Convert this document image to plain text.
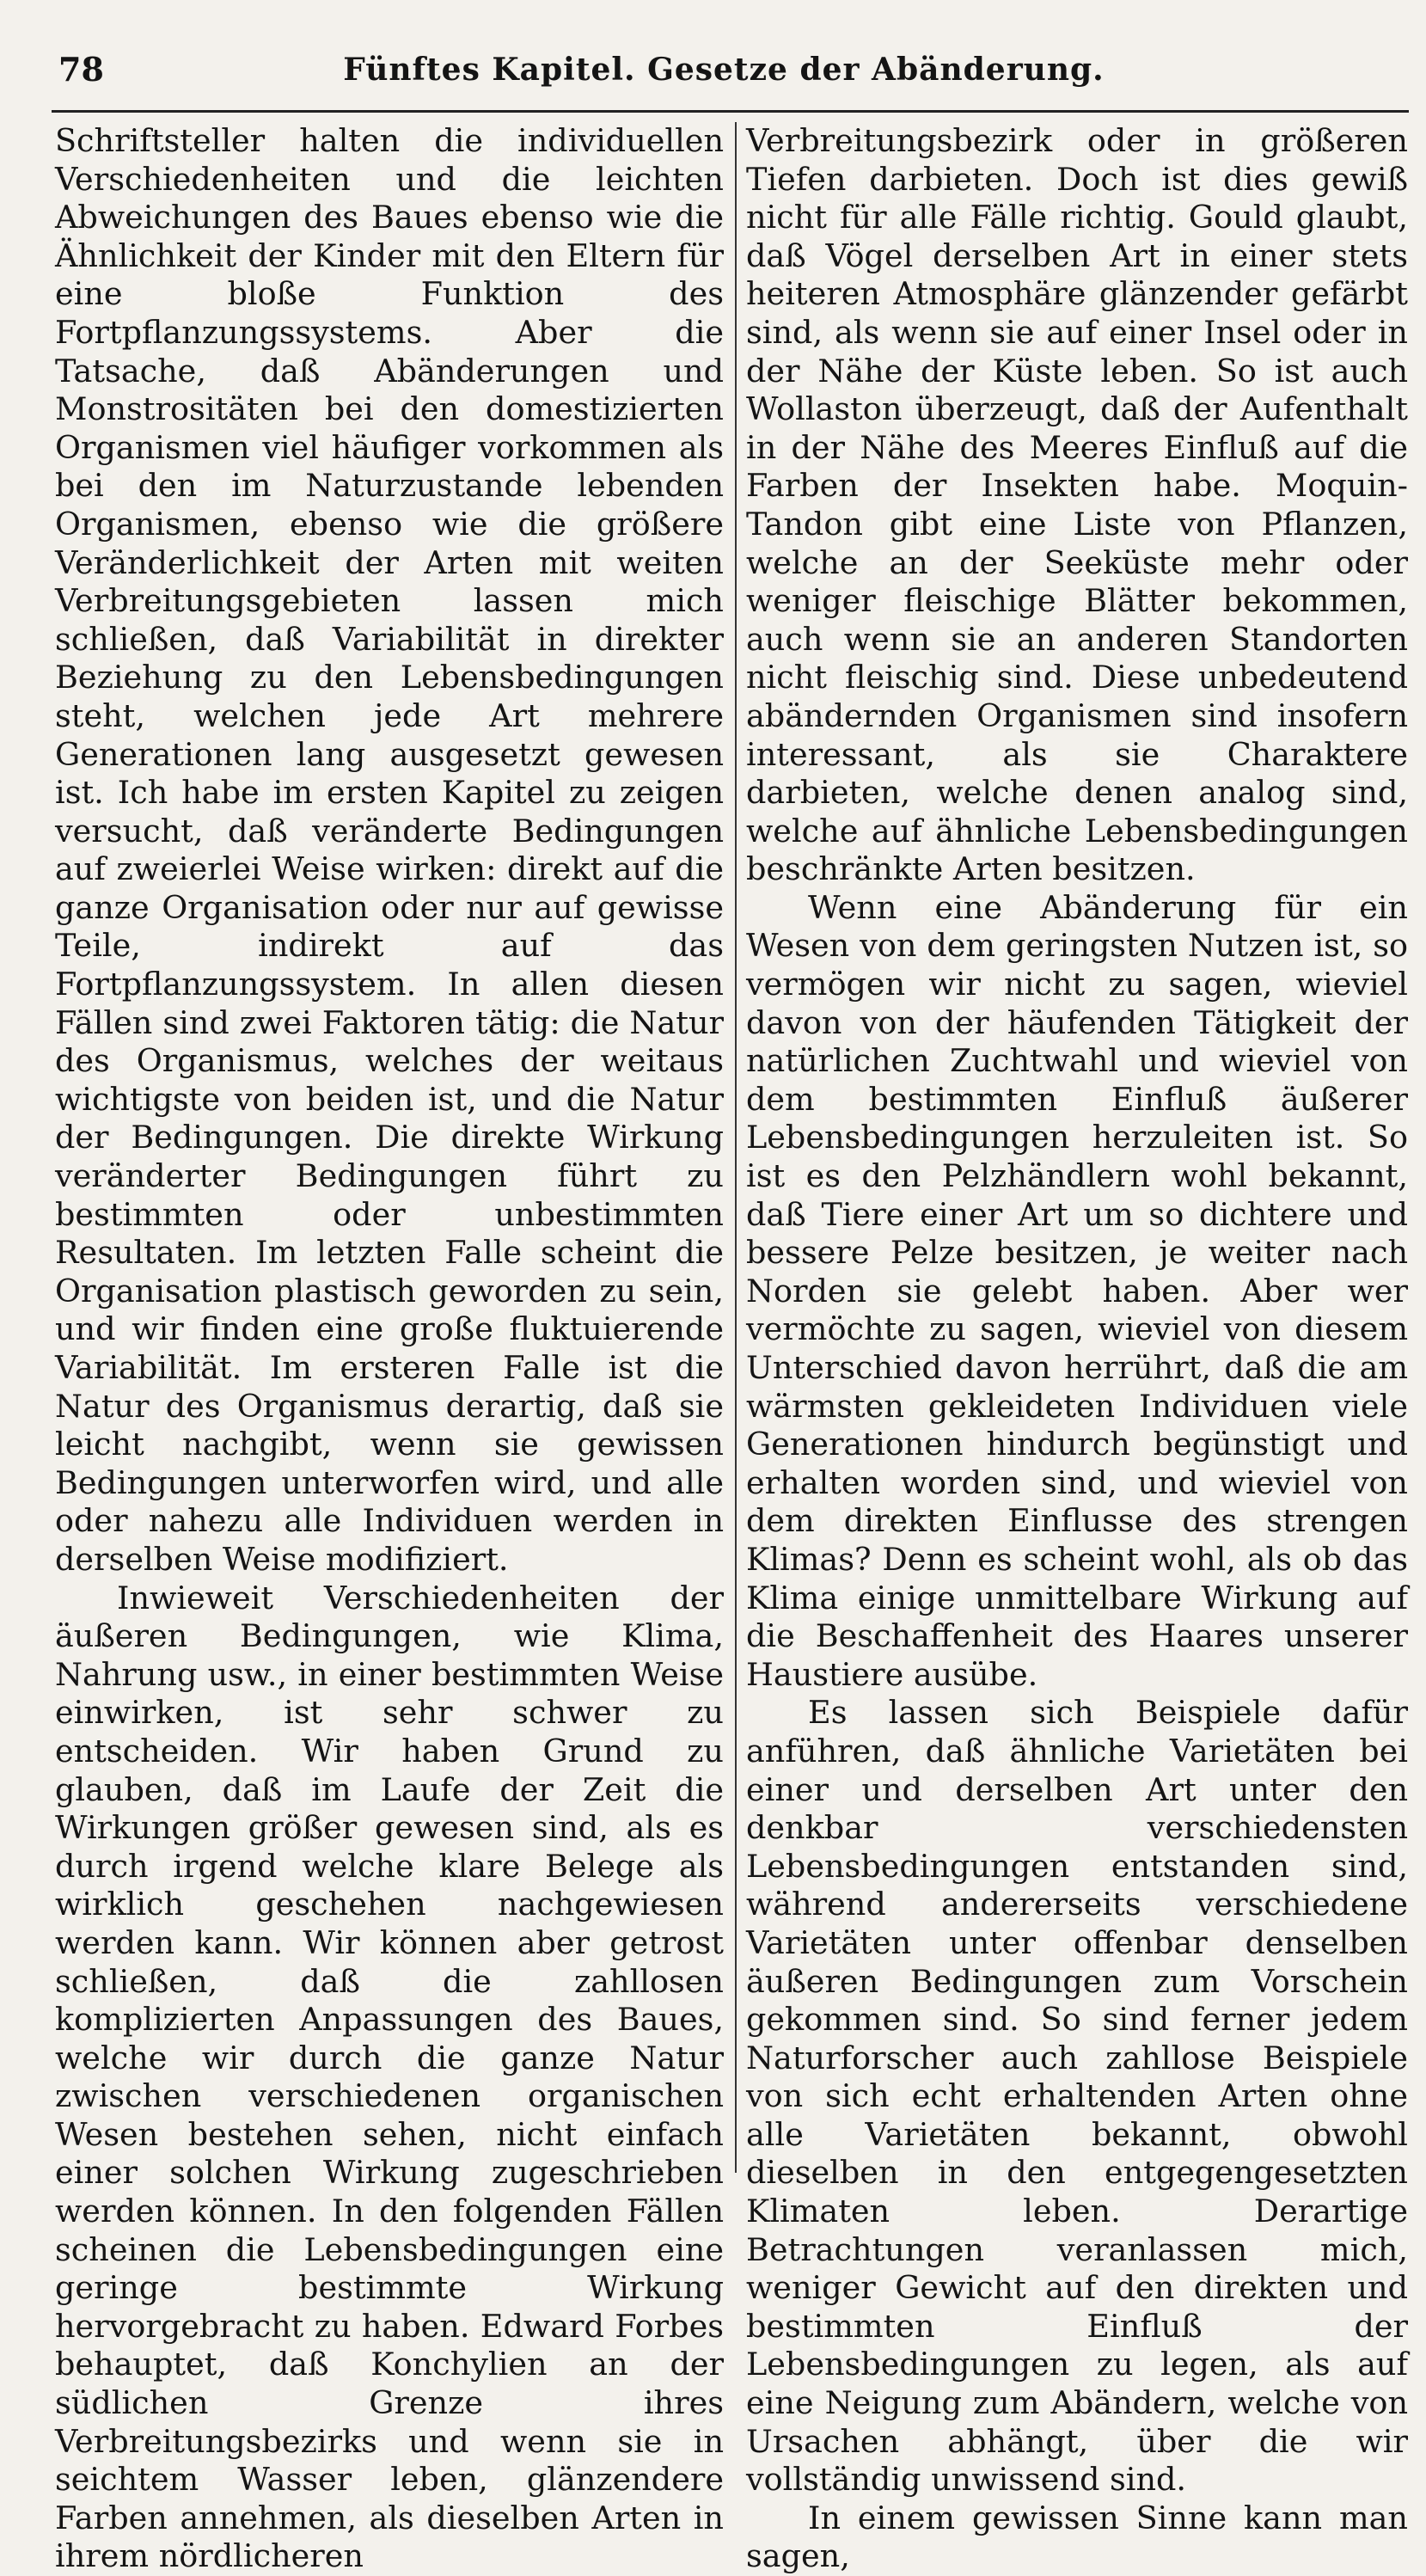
78	Fünftes Kapitel. Gesetze der Abänderung.

Schriftsteller halten die individuellen Verschiedenheiten und die leichten Abweichungen des Baues ebenso wie die Ähnlichkeit der Kinder mit den Eltern für eine bloße Funktion des Fortpflanzungssystems. Aber die Tatsache, daß Abänderungen und Monstrositäten bei den domestizierten Organismen viel häufiger vorkommen als bei den im Naturzustande lebenden Organismen, ebenso wie die größere Veränderlichkeit der Arten mit weiten Verbreitungsgebieten lassen mich schließen, daß Variabilität in direkter Beziehung zu den Lebensbedingungen steht, welchen jede Art mehrere Generationen lang ausgesetzt gewesen ist. Ich habe im ersten Kapitel zu zeigen versucht, daß veränderte Bedingungen auf zweierlei Weise wirken: direkt auf die ganze Organisation oder nur auf gewisse Teile, indirekt auf das Fortpflanzungssystem. In allen diesen Fällen sind zwei Faktoren tätig: die Natur des Organismus, welches der weitaus wichtigste von beiden ist, und die Natur der Bedingungen. Die direkte Wirkung veränderter Bedingungen führt zu bestimmten oder unbestimmten Resultaten. Im letzten Falle scheint die Organisation plastisch geworden zu sein, und wir finden eine große fluktuierende Variabilität. Im ersteren Falle ist die Natur des Organismus derartig, daß sie leicht nachgibt, wenn sie gewissen Bedingungen unterworfen wird, und alle oder nahezu alle Individuen werden in derselben Weise modifiziert.

Inwieweit Verschiedenheiten der äußeren Bedingungen, wie Klima, Nahrung usw., in einer bestimmten Weise einwirken, ist sehr schwer zu entscheiden. Wir haben Grund zu glauben, daß im Laufe der Zeit die Wirkungen größer gewesen sind, als es durch irgend welche klare Belege als wirklich geschehen nachgewiesen werden kann. Wir können aber getrost schließen, daß die zahllosen komplizierten Anpassungen des Baues, welche wir durch die ganze Natur zwischen verschiedenen organischen Wesen bestehen sehen, nicht einfach einer solchen Wirkung zugeschrieben werden können. In den folgenden Fällen scheinen die Lebensbedingungen eine geringe bestimmte Wirkung hervorgebracht zu haben. Edward Forbes behauptet, daß Konchylien an der südlichen Grenze ihres Verbreitungsbezirks und wenn sie in seichtem Wasser leben, glänzendere Farben annehmen, als dieselben Arten in ihrem nördlicheren

Verbreitungsbezirk oder in größeren Tiefen darbieten. Doch ist dies gewiß nicht für alle Fälle richtig. Gould glaubt, daß Vögel derselben Art in einer stets heiteren Atmosphäre glänzender gefärbt sind, als wenn sie auf einer Insel oder in der Nähe der Küste leben. So ist auch Wollaston überzeugt, daß der Aufenthalt in der Nähe des Meeres Einfluß auf die Farben der Insekten habe. Moquin-Tandon gibt eine Liste von Pflanzen, welche an der Seeküste mehr oder weniger fleischige Blätter bekommen, auch wenn sie an anderen Standorten nicht fleischig sind. Diese unbedeutend abändernden Organismen sind insofern interessant, als sie Charaktere darbieten, welche denen analog sind, welche auf ähnliche Lebensbedingungen beschränkte Arten besitzen.

Wenn eine Abänderung für ein Wesen von dem geringsten Nutzen ist, so vermögen wir nicht zu sagen, wieviel davon von der häufenden Tätigkeit der natürlichen Zuchtwahl und wieviel von dem bestimmten Einfluß äußerer Lebensbedingungen herzuleiten ist. So ist es den Pelzhändlern wohl bekannt, daß Tiere einer Art um so dichtere und bessere Pelze besitzen, je weiter nach Norden sie gelebt haben. Aber wer vermöchte zu sagen, wieviel von diesem Unterschied davon herrührt, daß die am wärmsten gekleideten Individuen viele Generationen hindurch begünstigt und erhalten worden sind, und wieviel von dem direkten Einflusse des strengen Klimas? Denn es scheint wohl, als ob das Klima einige unmittelbare Wirkung auf die Beschaffenheit des Haares unserer Haustiere ausübe.

Es lassen sich Beispiele dafür anführen, daß ähnliche Varietäten bei einer und derselben Art unter den denkbar verschiedensten Lebensbedingungen entstanden sind, während andererseits verschiedene Varietäten unter offenbar denselben äußeren Bedingungen zum Vorschein gekommen sind. So sind ferner jedem Naturforscher auch zahllose Beispiele von sich echt erhaltenden Arten ohne alle Varietäten bekannt, obwohl dieselben in den entgegengesetzten Klimaten leben. Derartige Betrachtungen veranlassen mich, weniger Gewicht auf den direkten und bestimmten Einfluß der Lebensbedingungen zu legen, als auf eine Neigung zum Abändern, welche von Ursachen abhängt, über die wir vollständig unwissend sind.

In einem gewissen Sinne kann man sagen,
